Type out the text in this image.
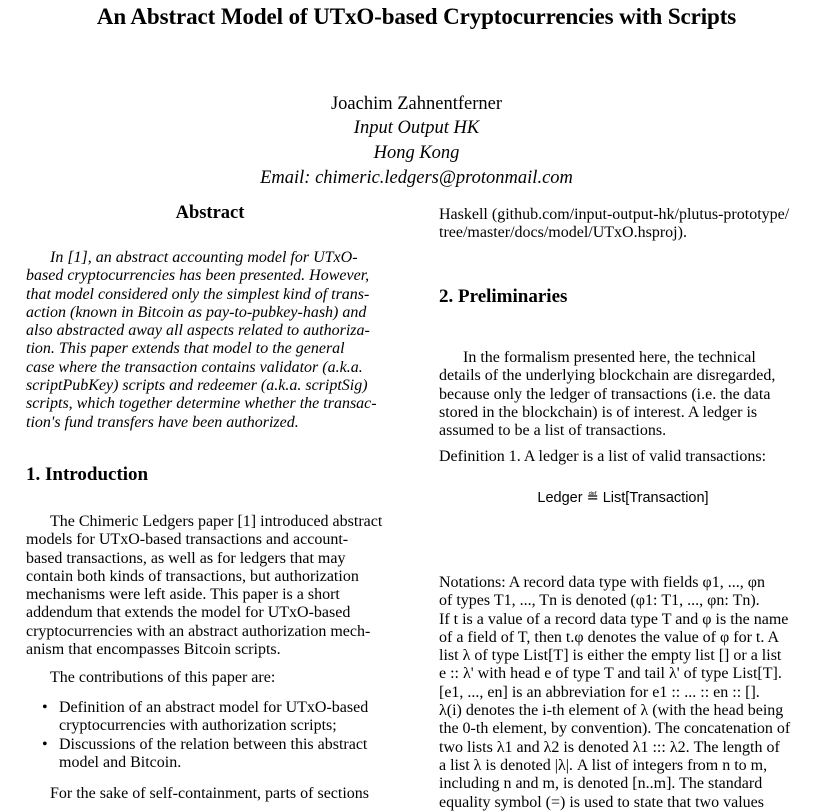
An Abstract Model of UTxO-based Cryptocurrencies with Scripts
Joachim Zahnentferner
Input Output HK
Hong Kong
Email: chimeric.ledgers@protonmail.com
Abstract

In [1], an abstract accounting model for UTxO-

based cryptocurrencies has been presented. However,

that model considered only the simplest kind of trans-

action (known in Bitcoin as pay-to-pubkey-hash) and

also abstracted away all aspects related to authoriza-

tion. This paper extends that model to the general

case where the transaction contains validator (a.k.a.

scriptPubKey) scripts and redeemer (a.k.a. scriptSig)

scripts, which together determine whether the transac-

tion's fund transfers have been authorized.

1. Introduction

The Chimeric Ledgers paper [1] introduced abstract

models for UTxO-based transactions and account-

based transactions, as well as for ledgers that may

contain both kinds of transactions, but authorization

mechanisms were left aside. This paper is a short

addendum that extends the model for UTxO-based

cryptocurrencies with an abstract authorization mech-

anism that encompasses Bitcoin scripts.

The contributions of this paper are:
• Definition of an abstract model for UTxO-based

cryptocurrencies with authorization scripts;

• Discussions of the relation between this abstract

model and Bitcoin.

For the sake of self-containment, parts of sections

Haskell (github.com/input-output-hk/plutus-prototype/

tree/master/docs/model/UTxO.hsproj).

2. Preliminaries

In the formalism presented here, the technical

details of the underlying blockchain are disregarded,

because only the ledger of transactions (i.e. the data

stored in the blockchain) is of interest. A ledger is

assumed to be a list of transactions.

Definition 1. A ledger is a list of valid transactions:
Ledger ≝ List[Transaction]

Notations: A record data type with fields φ1, ..., φn

of types T1, ..., Tn is denoted (φ1: T1, ..., φn: Tn).

If t is a value of a record data type T and φ is the name

of a field of T, then t.φ denotes the value of φ for t. A

list λ of type List[T] is either the empty list [] or a list

e :: λ' with head e of type T and tail λ' of type List[T].

[e1, ..., en] is an abbreviation for e1 :: ... :: en :: [].

λ(i) denotes the i-th element of λ (with the head being

the 0-th element, by convention). The concatenation of

two lists λ1 and λ2 is denoted λ1 ::: λ2. The length of

a list λ is denoted |λ|. A list of integers from n to m,

including n and m, is denoted [n..m]. The standard

equality symbol (=) is used to state that two values
